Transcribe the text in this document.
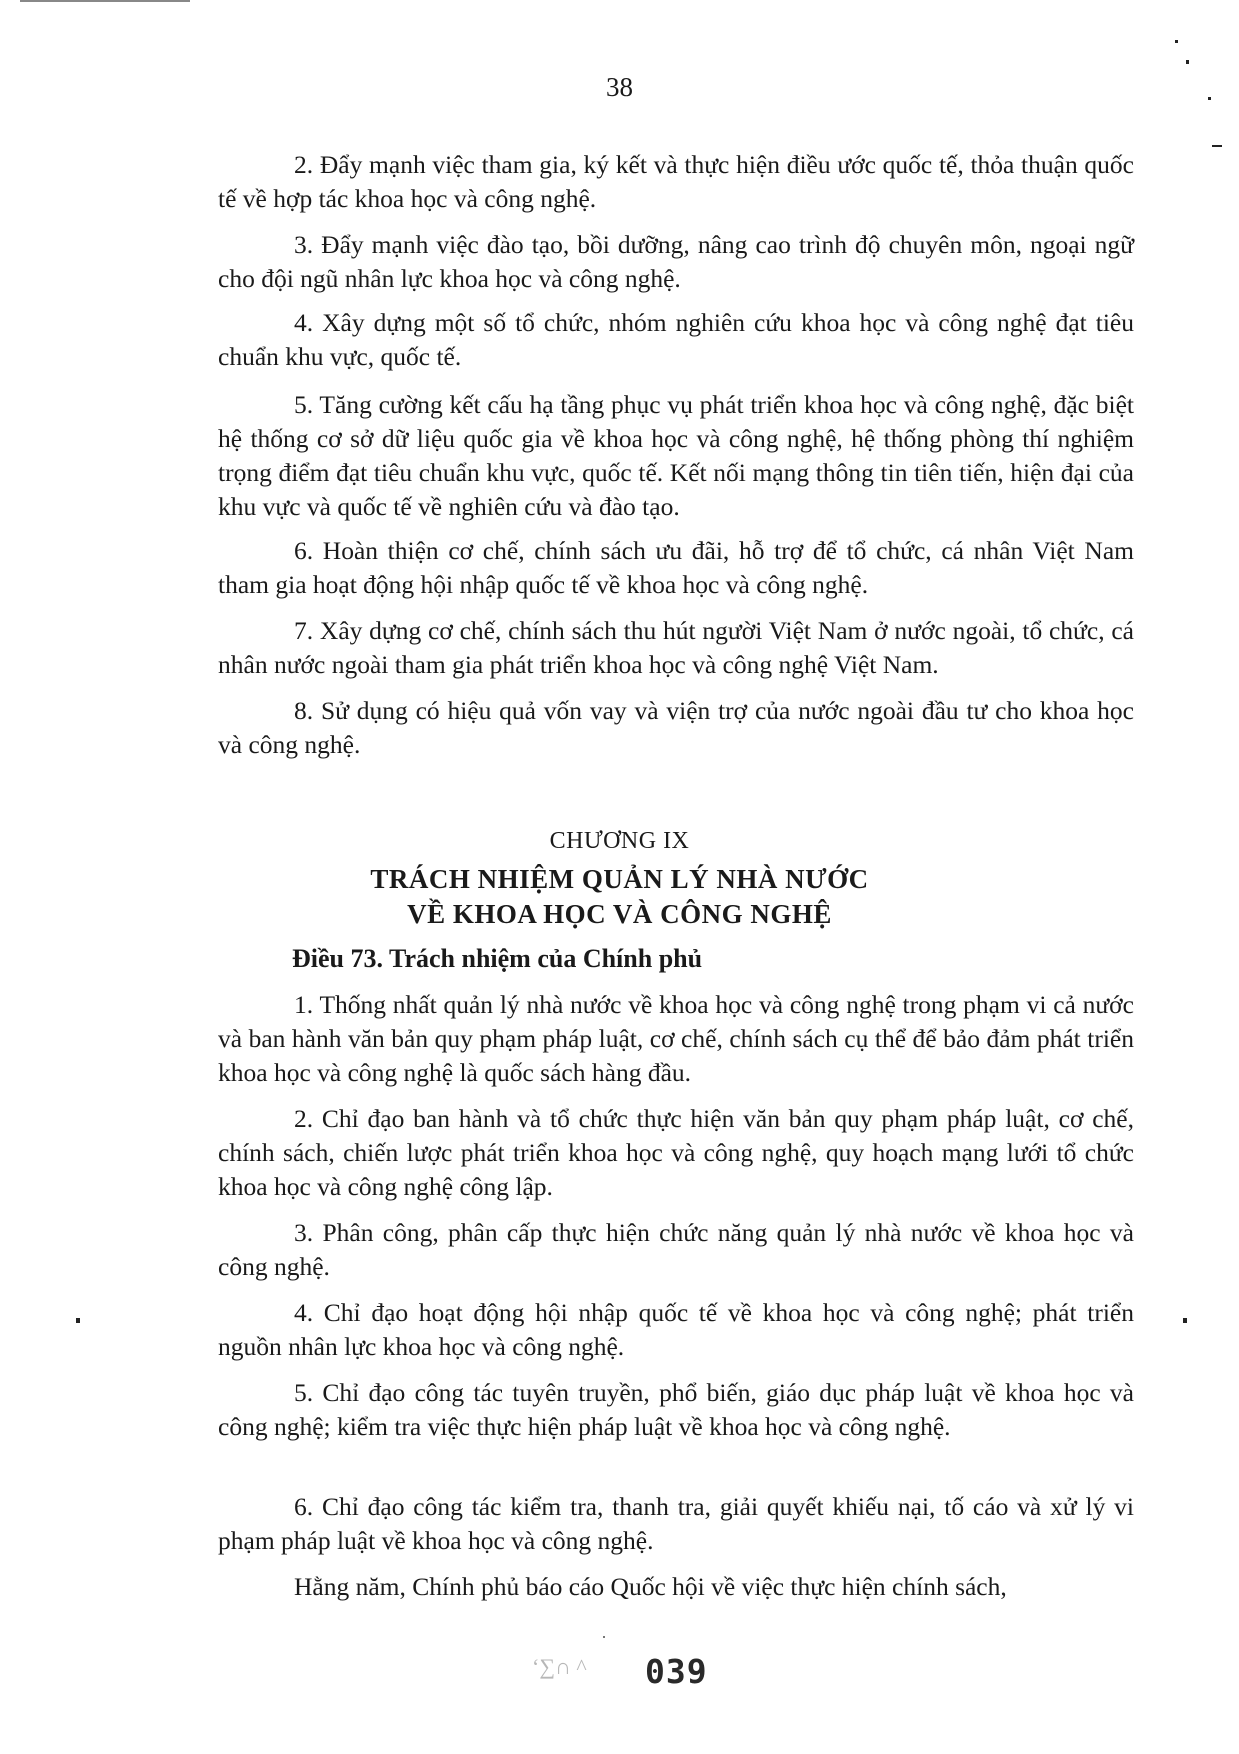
38

2. Đẩy mạnh việc tham gia, ký kết và thực hiện điều ước quốc tế, thỏa thuận quốc tế về hợp tác khoa học và công nghệ.

3. Đẩy mạnh việc đào tạo, bồi dưỡng, nâng cao trình độ chuyên môn, ngoại ngữ cho đội ngũ nhân lực khoa học và công nghệ.

4. Xây dựng một số tổ chức, nhóm nghiên cứu khoa học và công nghệ đạt tiêu chuẩn khu vực, quốc tế.

5. Tăng cường kết cấu hạ tầng phục vụ phát triển khoa học và công nghệ, đặc biệt hệ thống cơ sở dữ liệu quốc gia về khoa học và công nghệ, hệ thống phòng thí nghiệm trọng điểm đạt tiêu chuẩn khu vực, quốc tế. Kết nối mạng thông tin tiên tiến, hiện đại của khu vực và quốc tế về nghiên cứu và đào tạo.

6. Hoàn thiện cơ chế, chính sách ưu đãi, hỗ trợ để tổ chức, cá nhân Việt Nam tham gia hoạt động hội nhập quốc tế về khoa học và công nghệ.

7. Xây dựng cơ chế, chính sách thu hút người Việt Nam ở nước ngoài, tổ chức, cá nhân nước ngoài tham gia phát triển khoa học và công nghệ Việt Nam.

8. Sử dụng có hiệu quả vốn vay và viện trợ của nước ngoài đầu tư cho khoa học và công nghệ.

CHƯƠNG IX
TRÁCH NHIỆM QUẢN LÝ NHÀ NƯỚC
VỀ KHOA HỌC VÀ CÔNG NGHỆ
Điều 73. Trách nhiệm của Chính phủ

1. Thống nhất quản lý nhà nước về khoa học và công nghệ trong phạm vi cả nước và ban hành văn bản quy phạm pháp luật, cơ chế, chính sách cụ thể để bảo đảm phát triển khoa học và công nghệ là quốc sách hàng đầu.

2. Chỉ đạo ban hành và tổ chức thực hiện văn bản quy phạm pháp luật, cơ chế, chính sách, chiến lược phát triển khoa học và công nghệ, quy hoạch mạng lưới tổ chức khoa học và công nghệ công lập.

3. Phân công, phân cấp thực hiện chức năng quản lý nhà nước về khoa học và công nghệ.

4. Chỉ đạo hoạt động hội nhập quốc tế về khoa học và công nghệ; phát triển nguồn nhân lực khoa học và công nghệ.

5. Chỉ đạo công tác tuyên truyền, phổ biến, giáo dục pháp luật về khoa học và công nghệ; kiểm tra việc thực hiện pháp luật về khoa học và công nghệ.

6. Chỉ đạo công tác kiểm tra, thanh tra, giải quyết khiếu nại, tố cáo và xử lý vi phạm pháp luật về khoa học và công nghệ.

Hằng năm, Chính phủ báo cáo Quốc hội về việc thực hiện chính sách,

‘∑∩ ^ 039
